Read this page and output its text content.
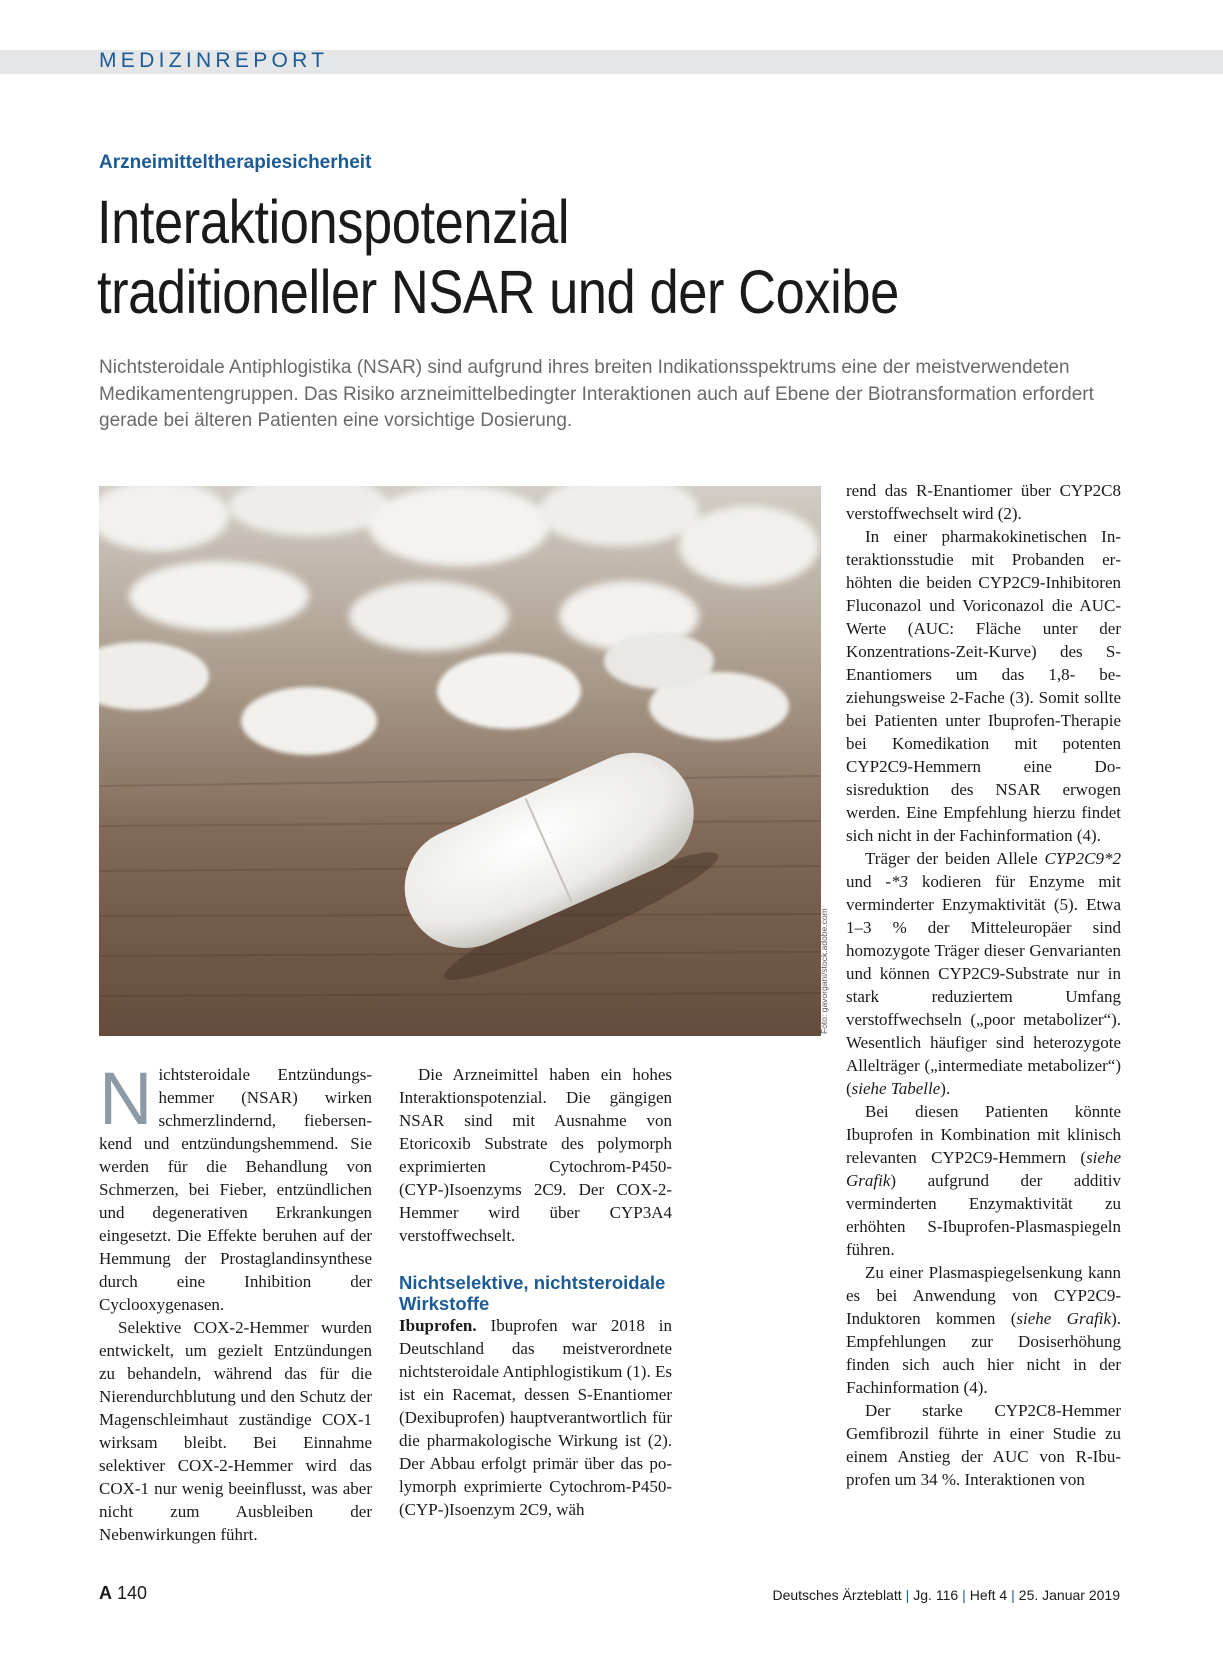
MEDIZINREPORT
Arzneimitteltherapiesicherheit
Interaktionspotenzial
traditioneller NSAR und der Coxibe
Nichtsteroidale Antiphlogistika (NSAR) sind aufgrund ihres breiten Indikationsspektrums eine der meistverwendeten Medikamentengruppen. Das Risiko arzneimittelbedingter Interaktionen auch auf Ebene der Biotransformation erfordert gerade bei älteren Patienten eine vorsichtige Dosierung.
Foto: gavorgani/stock.adobe.com

Nichtsteroidale Entzündungshemmer (NSAR) wirken schmerzlindernd, fiebersenkend und entzündungshemmend. Sie werden für die Behandlung von Schmerzen, bei Fieber, entzündlichen und degenerativen Erkrankungen eingesetzt. Die Effekte beruhen auf der Hemmung der Prostaglandinsynthese durch eine Inhibition der Cyclooxygenasen.

Selektive COX-2-Hemmer wurden entwickelt, um gezielt Entzündungen zu behandeln, während das für die Nierendurchblutung und den Schutz der Magenschleimhaut zuständige COX-1 wirksam bleibt. Bei Einnahme selektiver COX-2-Hemmer wird das COX-1 nur wenig beeinflusst, was aber nicht zum Ausbleiben der Nebenwirkungen führt.

Die Arzneimittel haben ein hohes Interaktionspotenzial. Die gängigen NSAR sind mit Ausnahme von Etoricoxib Substrate des polymorph exprimierten Cytochrom-P450-(CYP-)Isoenzyms 2C9. Der COX-2-Hemmer wird über CYP3A4 verstoffwechselt.

Nichtselektive, nichtsteroidale Wirkstoffe

Ibuprofen. Ibuprofen war 2018 in Deutschland das meistverordnete nichtsteroidale Antiphlogistikum (1). Es ist ein Racemat, dessen S-Enantiomer (Dexibuprofen) hauptverantwortlich für die pharmakologische Wirkung ist (2). Der Abbau erfolgt primär über das polymorph exprimierte Cytochrom-P450-(CYP-)Isoenzym 2C9, wäh

rend das R-Enantiomer über CYP2C8 verstoffwechselt wird (2).

In einer pharmakokinetischen Interaktionsstudie mit Probanden erhöhten die beiden CYP2C9-Inhibitoren Fluconazol und Voriconazol die AUC-Werte (AUC: Fläche unter der Konzentrations-Zeit-Kurve) des S-Enantiomers um das 1,8- beziehungsweise 2-Fache (3). Somit sollte bei Patienten unter Ibuprofen-Therapie bei Komedikation mit potenten CYP2C9-Hemmern eine Dosisreduktion des NSAR erwogen werden. Eine Empfehlung hierzu findet sich nicht in der Fachinformation (4).

Träger der beiden Allele CYP2C9*2 und -*3 kodieren für Enzyme mit verminderter Enzymaktivität (5). Etwa 1–3 % der Mitteleuropäer sind homozygote Träger dieser Genvarianten und können CYP2C9-Substrate nur in stark reduziertem Umfang verstoffwechseln („poor metabolizer“). Wesentlich häufiger sind heterozygote Allelträger („intermediate metabolizer“) (siehe Tabelle).

Bei diesen Patienten könnte Ibuprofen in Kombination mit klinisch relevanten CYP2C9-Hemmern (siehe Grafik) aufgrund der additiv verminderten Enzymaktivität zu erhöhten S-Ibuprofen-Plasmaspiegeln führen.

Zu einer Plasmaspiegelsenkung kann es bei Anwendung von CYP2C9-Induktoren kommen (siehe Grafik). Empfehlungen zur Dosiserhöhung finden sich auch hier nicht in der Fachinformation (4).

Der starke CYP2C8-Hemmer Gemfibrozil führte in einer Studie zu einem Anstieg der AUC von R-Ibuprofen um 34 %. Interaktionen von

A 140	Deutsches Ärzteblatt | Jg. 116 | Heft 4 | 25. Januar 2019
